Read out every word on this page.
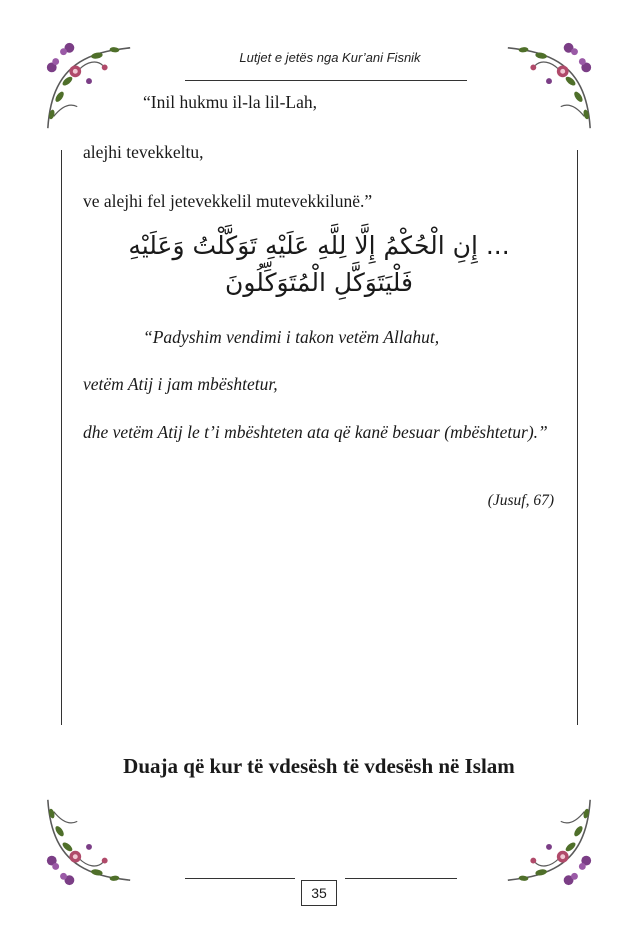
Lutjet e jetës nga Kur’ani Fisnik
“Inil hukmu il-la lil-Lah,
alejhi tevekkeltu,
ve alejhi fel jetevekkelil mutevekkilunë.”
... إِنِ الْحُكْمُ إِلَّا لِلَّهِ عَلَيْهِ تَوَكَّلْتُ وَعَلَيْهِ
فَلْيَتَوَكَّلِ الْمُتَوَكِّلُونَ
“Padyshim vendimi i takon vetëm Allahut,
vetëm Atij i jam mbështetur,
dhe vetëm Atij le t’i mbështeten ata që kanë besuar (mbështetur).”
(Jusuf, 67)
Duaja që kur të vdesësh të vdesësh në Islam
35
